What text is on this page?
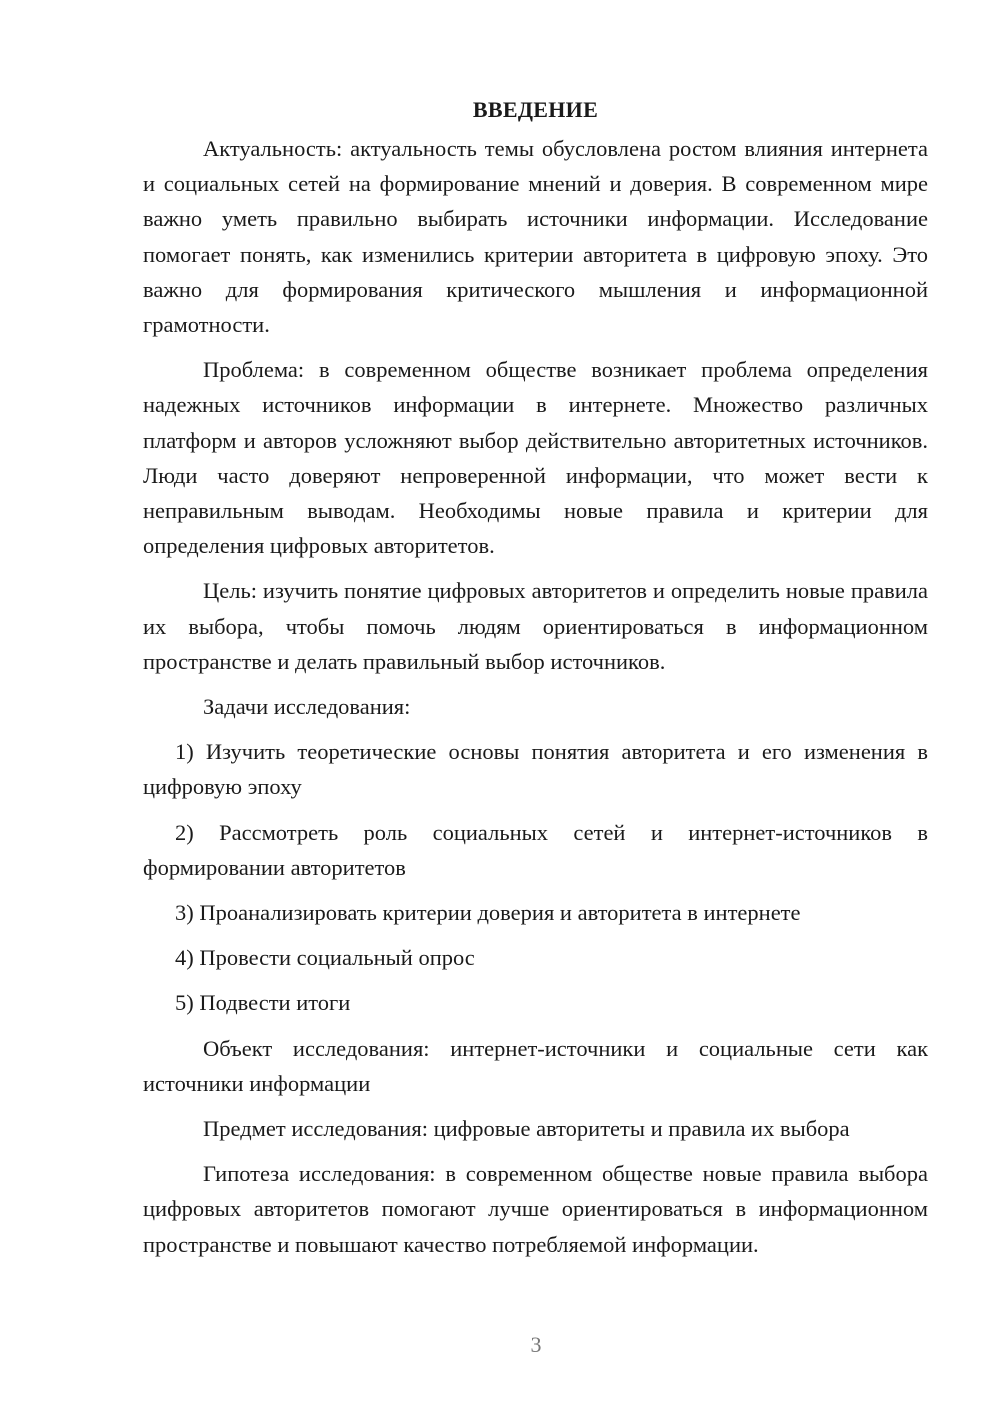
ВВЕДЕНИЕ

Актуальность: актуальность темы обусловлена ростом влияния интернета и социальных сетей на формирование мнений и доверия. В современном мире важно уметь правильно выбирать источники информации. Исследование помогает понять, как изменились критерии авторитета в цифровую эпоху. Это важно для формирования критического мышления и информационной грамотности.

Проблема: в современном обществе возникает проблема определения надежных источников информации в интернете. Множество различных платформ и авторов усложняют выбор действительно авторитетных источников. Люди часто доверяют непроверенной информации, что может вести к неправильным выводам. Необходимы новые правила и критерии для определения цифровых авторитетов.

Цель: изучить понятие цифровых авторитетов и определить новые правила их выбора, чтобы помочь людям ориентироваться в информационном пространстве и делать правильный выбор источников.

Задачи исследования:

1) Изучить теоретические основы понятия авторитета и его изменения в цифровую эпоху

2) Рассмотреть роль социальных сетей и интернет-источников в формировании авторитетов

3) Проанализировать критерии доверия и авторитета в интернете

4) Провести социальный опрос

5) Подвести итоги

Объект исследования: интернет-источники и социальные сети как источники информации

Предмет исследования: цифровые авторитеты и правила их выбора

Гипотеза исследования: в современном обществе новые правила выбора цифровых авторитетов помогают лучше ориентироваться в информационном пространстве и повышают качество потребляемой информации.

3
